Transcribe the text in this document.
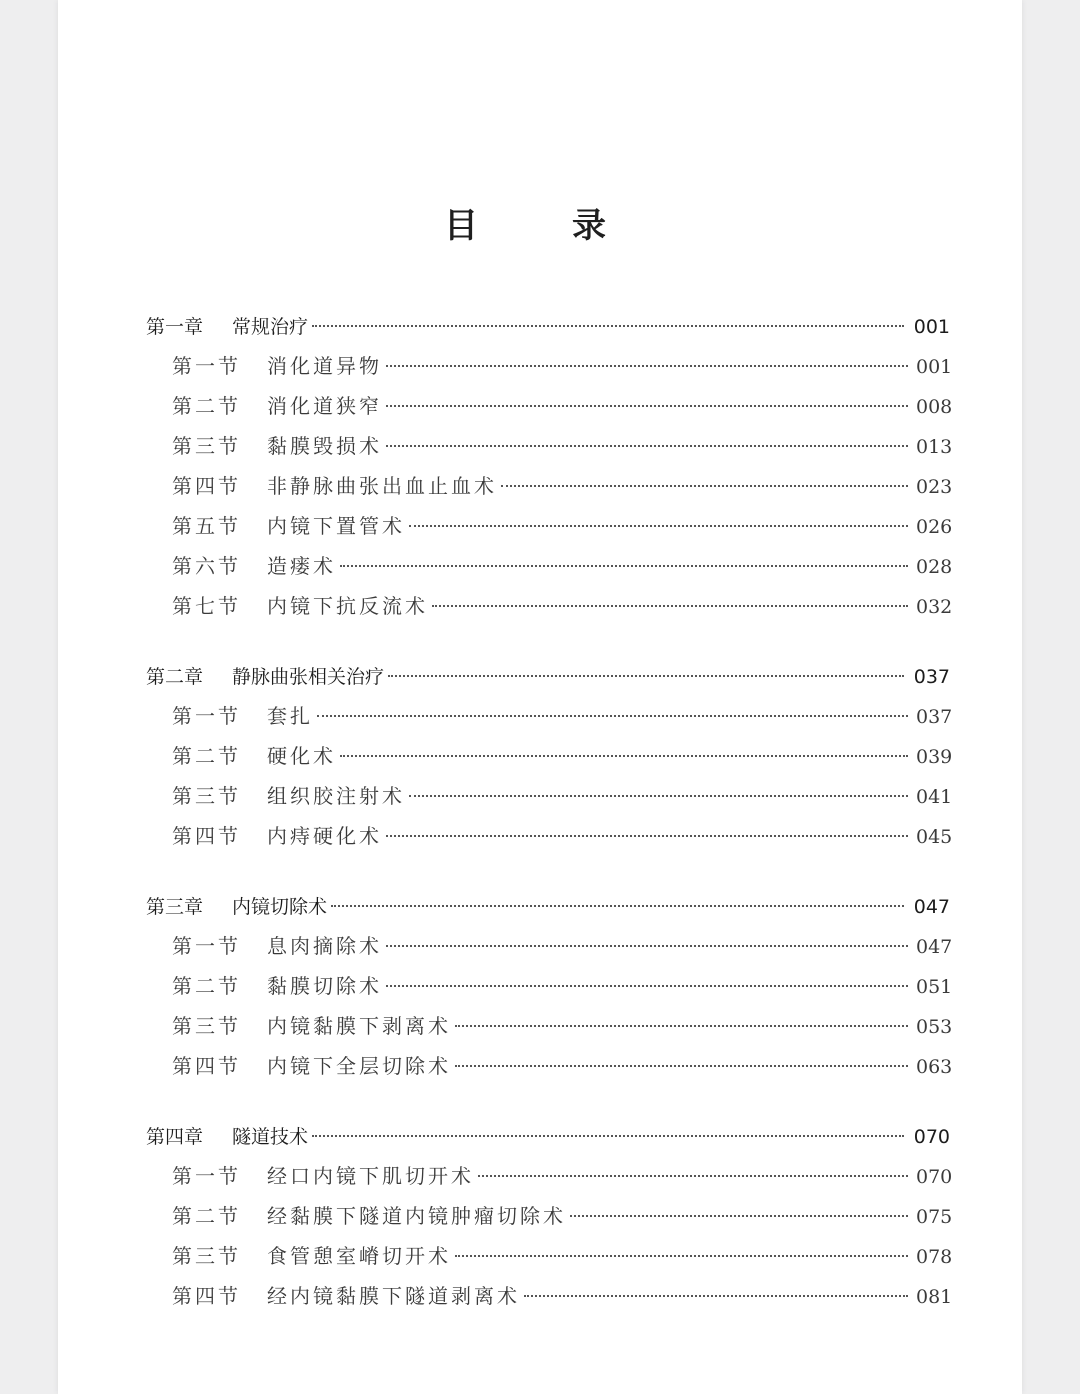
目　录
第一章	常规治疗	001
第一节	消化道异物	001
第二节	消化道狭窄	008
第三节	黏膜毁损术	013
第四节	非静脉曲张出血止血术	023
第五节	内镜下置管术	026
第六节	造瘘术	028
第七节	内镜下抗反流术	032
第二章	静脉曲张相关治疗	037
第一节	套扎	037
第二节	硬化术	039
第三节	组织胶注射术	041
第四节	内痔硬化术	045
第三章	内镜切除术	047
第一节	息肉摘除术	047
第二节	黏膜切除术	051
第三节	内镜黏膜下剥离术	053
第四节	内镜下全层切除术	063
第四章	隧道技术	070
第一节	经口内镜下肌切开术	070
第二节	经黏膜下隧道内镜肿瘤切除术	075
第三节	食管憩室嵴切开术	078
第四节	经内镜黏膜下隧道剥离术	081
